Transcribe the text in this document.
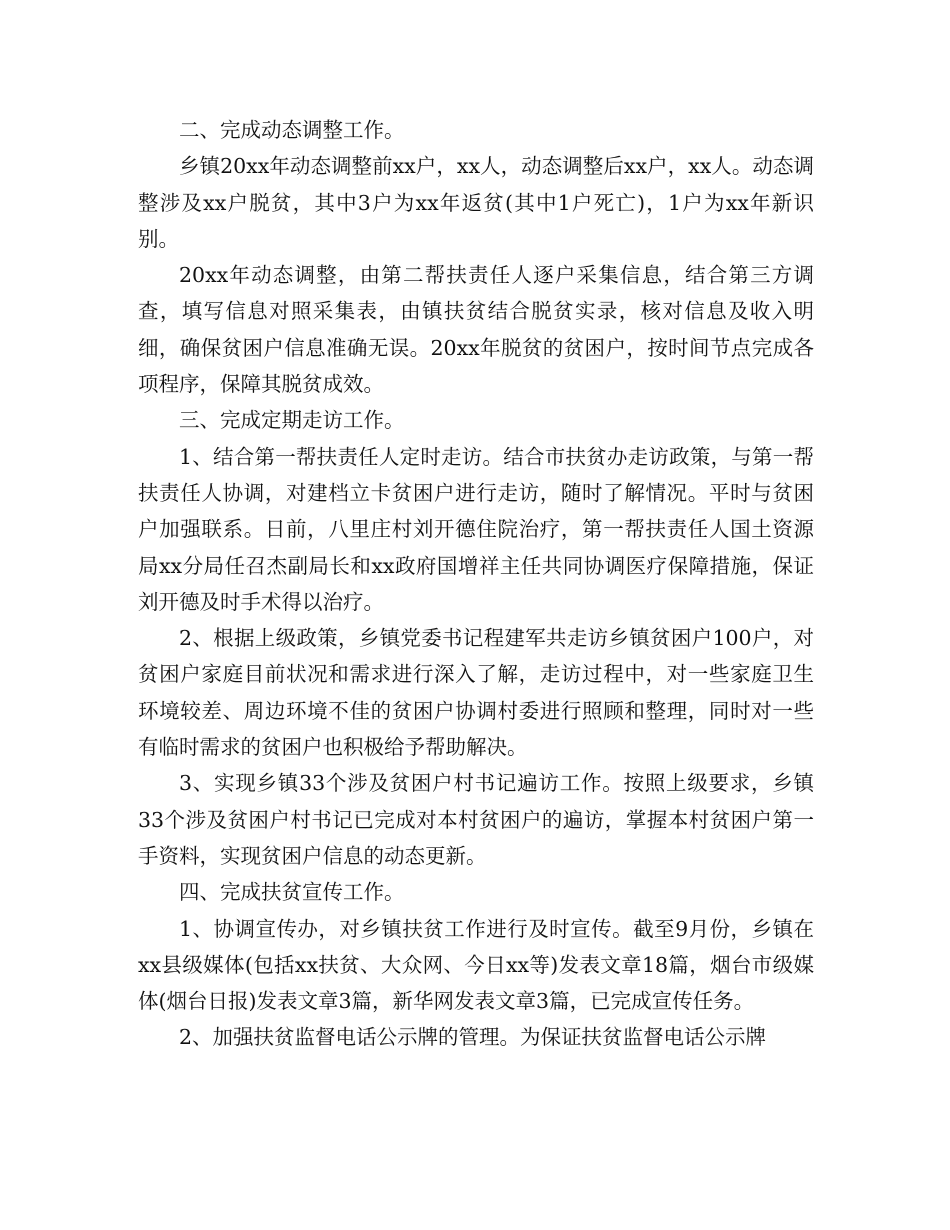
二、完成动态调整工作。

乡镇20xx年动态调整前xx户，xx人，动态调整后xx户，xx人。动态调整涉及xx户脱贫，其中3户为xx年返贫(其中1户死亡)，1户为xx年新识别。

20xx年动态调整，由第二帮扶责任人逐户采集信息，结合第三方调查，填写信息对照采集表，由镇扶贫结合脱贫实录，核对信息及收入明细，确保贫困户信息准确无误。20xx年脱贫的贫困户，按时间节点完成各项程序，保障其脱贫成效。

三、完成定期走访工作。

1、结合第一帮扶责任人定时走访。结合市扶贫办走访政策，与第一帮扶责任人协调，对建档立卡贫困户进行走访，随时了解情况。平时与贫困户加强联系。日前，八里庄村刘开德住院治疗，第一帮扶责任人国土资源局xx分局任召杰副局长和xx政府国增祥主任共同协调医疗保障措施，保证刘开德及时手术得以治疗。

2、根据上级政策，乡镇党委书记程建军共走访乡镇贫困户100户，对贫困户家庭目前状况和需求进行深入了解，走访过程中，对一些家庭卫生环境较差、周边环境不佳的贫困户协调村委进行照顾和整理，同时对一些有临时需求的贫困户也积极给予帮助解决。

3、实现乡镇33个涉及贫困户村书记遍访工作。按照上级要求，乡镇33个涉及贫困户村书记已完成对本村贫困户的遍访，掌握本村贫困户第一手资料，实现贫困户信息的动态更新。

四、完成扶贫宣传工作。

1、协调宣传办，对乡镇扶贫工作进行及时宣传。截至9月份，乡镇在xx县级媒体(包括xx扶贫、大众网、今日xx等)发表文章18篇，烟台市级媒体(烟台日报)发表文章3篇，新华网发表文章3篇，已完成宣传任务。

2、加强扶贫监督电话公示牌的管理。为保证扶贫监督电话公示牌
